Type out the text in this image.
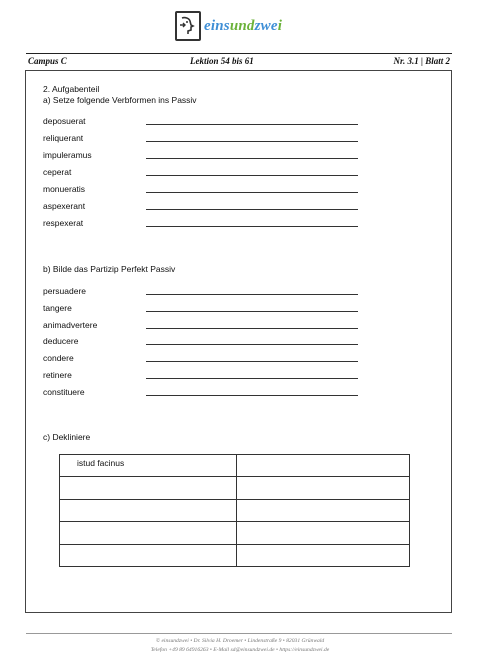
einsundzwei
Campus C	Lektion 54 bis 61	Nr. 3.1 | Blatt 2
2. Aufgabenteil
a) Setze folgende Verbformen ins Passiv
deposuerat
reliquerant
impuleramus
ceperat
monueratis
aspexerant
respexerat
b) Bilde das Partizip Perfekt Passiv
persuadere
tangere
animadvertere
deducere
condere
retinere
constituere
c) Dekliniere
istud facinus	

© einsundzwei • Dr. Silvia H. Droemer • Lindenstraße 9 • 82031 Grünwald
Telefon +49 89 64916263 • E-Mail sd@einsundzwei.de • https://einsundzwei.de
